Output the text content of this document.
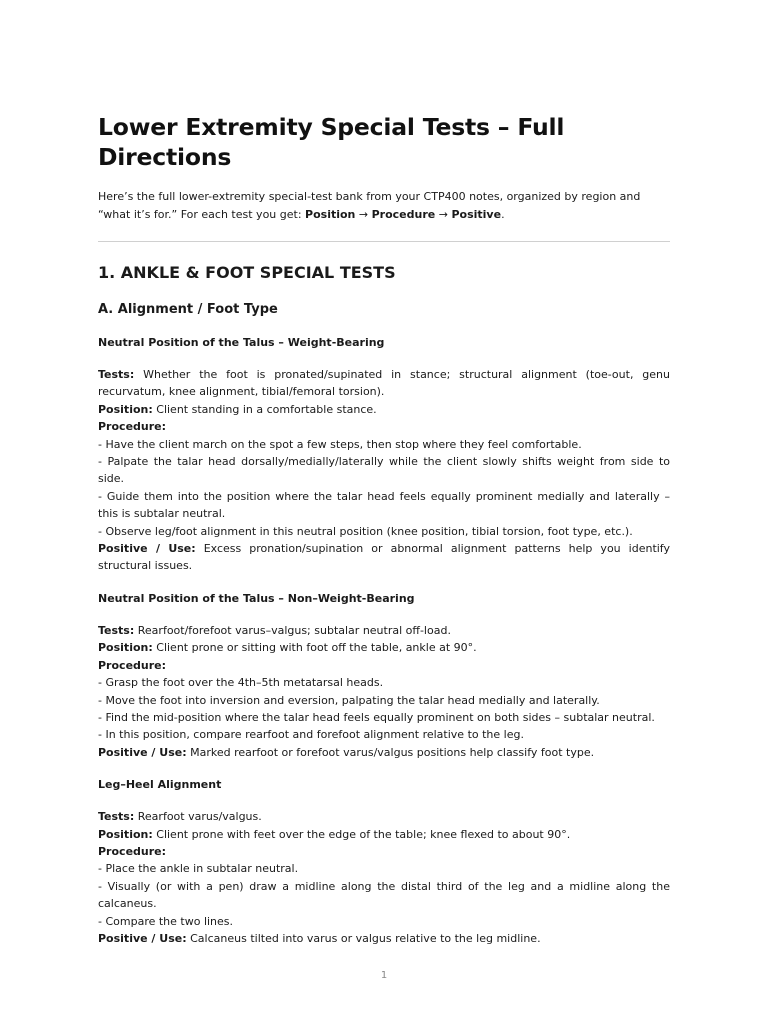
Lower Extremity Special Tests – Full Directions

Here’s the full lower-extremity special-test bank from your CTP400 notes, organized by region and “what it’s for.” For each test you get: Position → Procedure → Positive.

1. ANKLE & FOOT SPECIAL TESTS
A. Alignment / Foot Type
Neutral Position of the Talus – Weight-Bearing

Tests: Whether the foot is pronated/supinated in stance; structural alignment (toe-out, genu recurvatum, knee alignment, tibial/femoral torsion).

Position: Client standing in a comfortable stance.

Procedure:

- Have the client march on the spot a few steps, then stop where they feel comfortable.

- Palpate the talar head dorsally/medially/laterally while the client slowly shifts weight from side to side.

- Guide them into the position where the talar head feels equally prominent medially and laterally – this is subtalar neutral.

- Observe leg/foot alignment in this neutral position (knee position, tibial torsion, foot type, etc.).

Positive / Use: Excess pronation/supination or abnormal alignment patterns help you identify structural issues.

Neutral Position of the Talus – Non–Weight-Bearing

Tests: Rearfoot/forefoot varus–valgus; subtalar neutral off-load.

Position: Client prone or sitting with foot off the table, ankle at 90°.

Procedure:

- Grasp the foot over the 4th–5th metatarsal heads.

- Move the foot into inversion and eversion, palpating the talar head medially and laterally.

- Find the mid-position where the talar head feels equally prominent on both sides – subtalar neutral.

- In this position, compare rearfoot and forefoot alignment relative to the leg.

Positive / Use: Marked rearfoot or forefoot varus/valgus positions help classify foot type.

Leg–Heel Alignment

Tests: Rearfoot varus/valgus.

Position: Client prone with feet over the edge of the table; knee flexed to about 90°.

Procedure:

- Place the ankle in subtalar neutral.

- Visually (or with a pen) draw a midline along the distal third of the leg and a midline along the calcaneus.

- Compare the two lines.

Positive / Use: Calcaneus tilted into varus or valgus relative to the leg midline.

1
